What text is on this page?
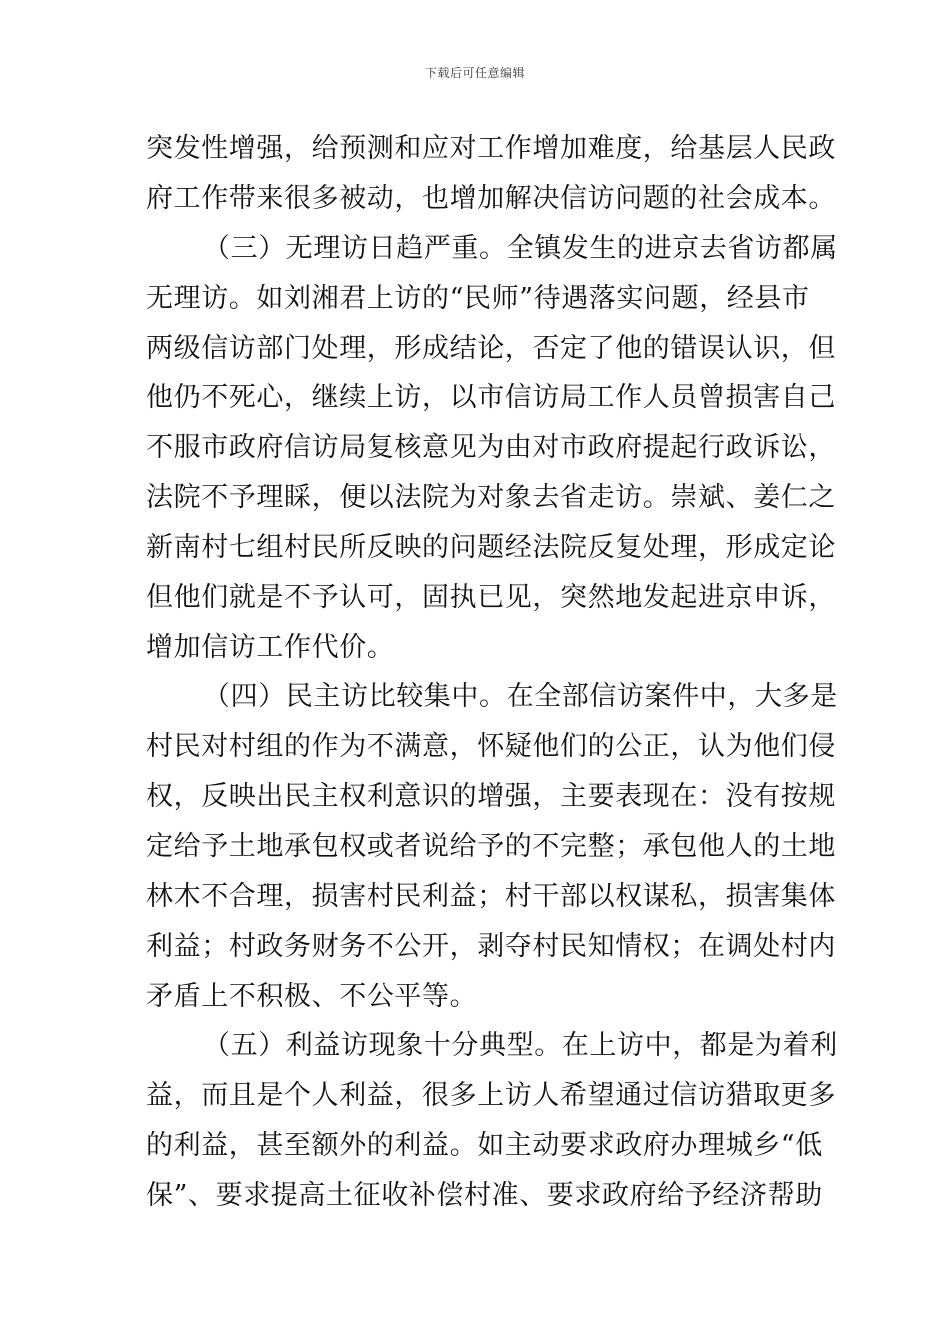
下载后可任意编辑
突发性增强，给预测和应对工作增加难度，给基层人民政
府工作带来很多被动，也增加解决信访问题的社会成本。
（三）无理访日趋严重。全镇发生的进京去省访都属
无理访。如刘湘君上访的“民师”待遇落实问题，经县市
两级信访部门处理，形成结论，否定了他的错误认识，但
他仍不死心，继续上访，以市信访局工作人员曾损害自己
不服市政府信访局复核意见为由对市政府提起行政诉讼，
法院不予理睬，便以法院为对象去省走访。崇斌、姜仁之
新南村七组村民所反映的问题经法院反复处理，形成定论
但他们就是不予认可，固执已见，突然地发起进京申诉，
增加信访工作代价。
（四）民主访比较集中。在全部信访案件中，大多是
村民对村组的作为不满意，怀疑他们的公正，认为他们侵
权，反映出民主权利意识的增强，主要表现在：没有按规
定给予土地承包权或者说给予的不完整；承包他人的土地
林木不合理，损害村民利益；村干部以权谋私，损害集体
利益；村政务财务不公开，剥夺村民知情权；在调处村内
矛盾上不积极、不公平等。
（五）利益访现象十分典型。在上访中，都是为着利
益，而且是个人利益，很多上访人希望通过信访猎取更多
的利益，甚至额外的利益。如主动要求政府办理城乡“低
保”、要求提高土征收补偿村准、要求政府给予经济帮助
